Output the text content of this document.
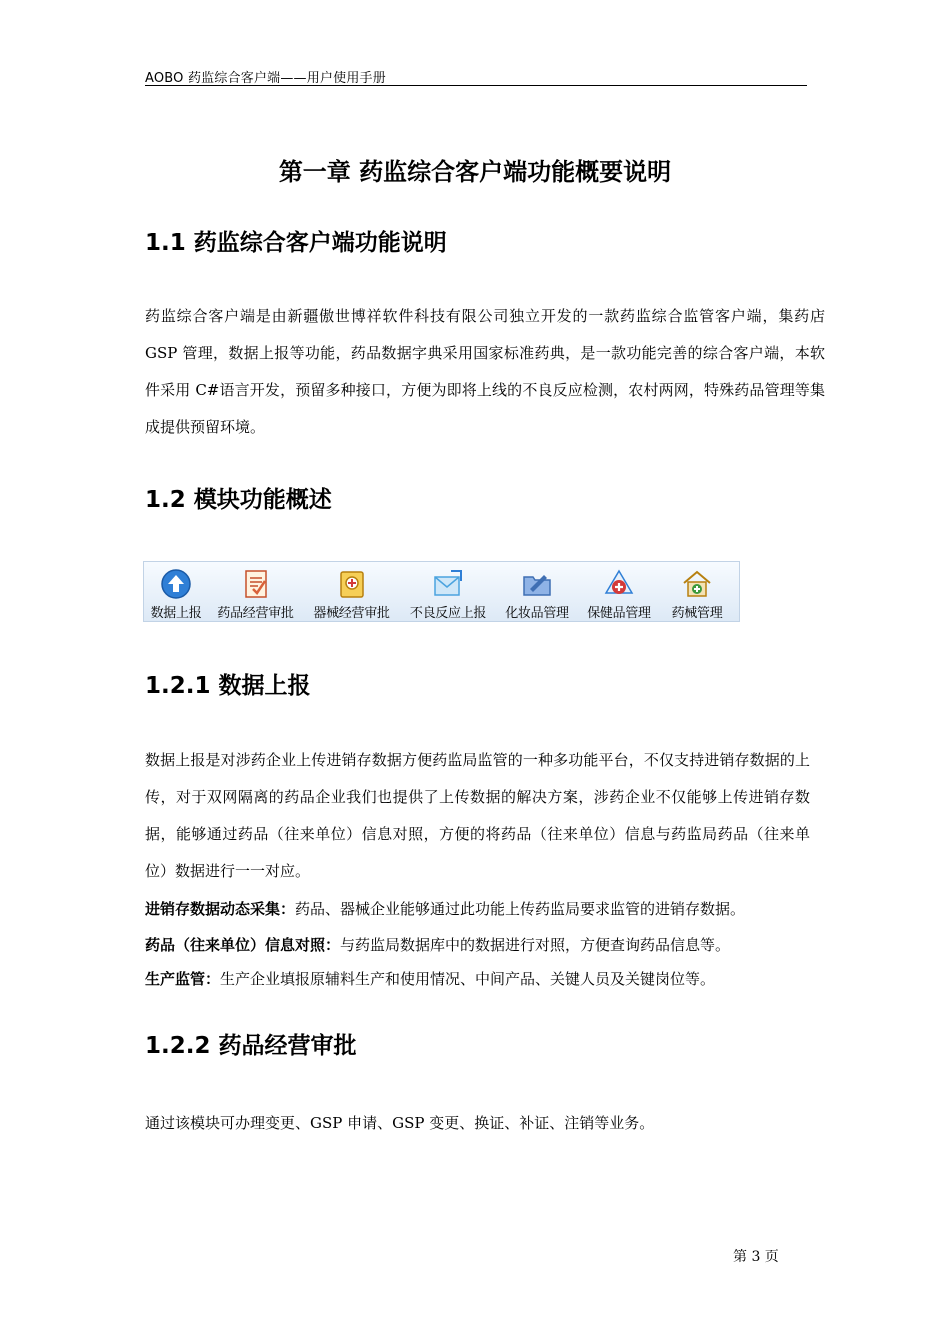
AOBO 药监综合客户端——用户使用手册
第一章 药监综合客户端功能概要说明
1.1 药监综合客户端功能说明
药监综合客户端是由新疆傲世博祥软件科技有限公司独立开发的一款药监综合监管客户端，集药店 GSP 管理，数据上报等功能，药品数据字典采用国家标准药典，是一款功能完善的综合客户端，本软件采用 C#语言开发，预留多种接口，方便为即将上线的不良反应检测，农村两网，特殊药品管理等集成提供预留环境。
1.2 模块功能概述
数据上报 药品经营审批 器械经营审批 不良反应上报 化妆品管理 保健品管理 药械管理
1.2.1 数据上报
数据上报是对涉药企业上传进销存数据方便药监局监管的一种多功能平台，不仅支持进销存数据的上传，对于双网隔离的药品企业我们也提供了上传数据的解决方案，涉药企业不仅能够上传进销存数据，能够通过药品（往来单位）信息对照，方便的将药品（往来单位）信息与药监局药品（往来单位）数据进行一一对应。
进销存数据动态采集：药品、器械企业能够通过此功能上传药监局要求监管的进销存数据。
药品（往来单位）信息对照：与药监局数据库中的数据进行对照，方便查询药品信息等。
生产监管：生产企业填报原辅料生产和使用情况、中间产品、关键人员及关键岗位等。
1.2.2 药品经营审批
通过该模块可办理变更、GSP 申请、GSP 变更、换证、补证、注销等业务。
第 3 页
